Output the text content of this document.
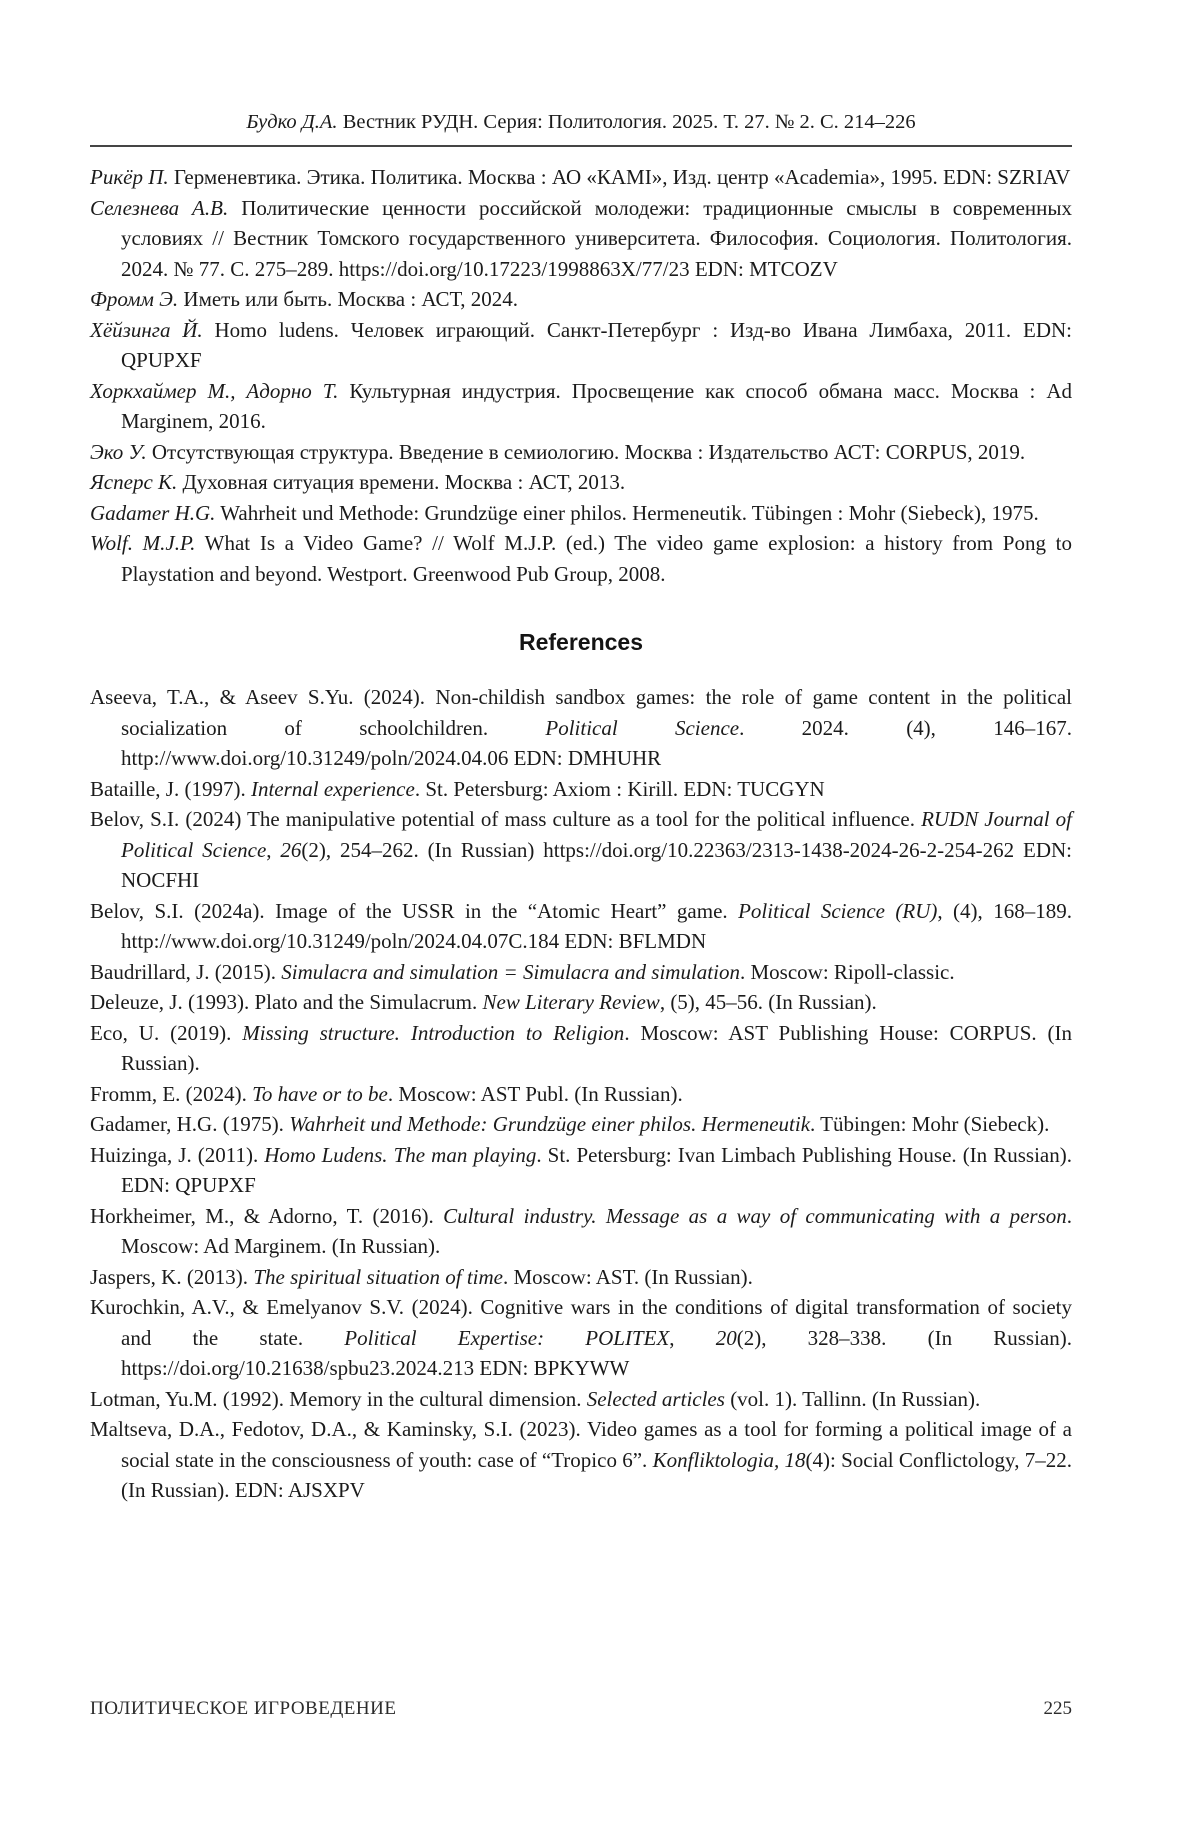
Будко Д.А. Вестник РУДН. Серия: Политология. 2025. Т. 27. № 2. С. 214–226

Рикёр П. Герменевтика. Этика. Политика. Москва : АО «КАМI», Изд. центр «Academia», 1995. EDN: SZRIAV

Селезнева А.В. Политические ценности российской молодежи: традиционные смыслы в современных условиях // Вестник Томского государственного университета. Философия. Социология. Политология. 2024. № 77. С. 275–289. https://doi.org/10.17223/1998863X/77/23 EDN: MTCOZV

Фромм Э. Иметь или быть. Москва : АСТ, 2024.

Хёйзинга Й. Homo ludens. Человек играющий. Санкт-Петербург : Изд-во Ивана Лимбаха, 2011. EDN: QPUPXF

Хоркхаймер М., Адорно Т. Культурная индустрия. Просвещение как способ обмана масс. Москва : Ad Marginem, 2016.

Эко У. Отсутствующая структура. Введение в семиологию. Москва : Издательство АСТ: CORPUS, 2019.

Ясперс К. Духовная ситуация времени. Москва : АСТ, 2013.

Gadamer H.G. Wahrheit und Methode: Grundzüge einer philos. Hermeneutik. Tübingen : Mohr (Siebeck), 1975.

Wolf. M.J.P. What Is a Video Game? // Wolf M.J.P. (ed.) The video game explosion: a history from Pong to Playstation and beyond. Westport. Greenwood Pub Group, 2008.

References

Aseeva, T.A., & Aseev S.Yu. (2024). Non-childish sandbox games: the role of game content in the political socialization of schoolchildren. Political Science. 2024. (4), 146–167. http://www.doi.org/10.31249/poln/2024.04.06 EDN: DMHUHR

Bataille, J. (1997). Internal experience. St. Petersburg: Axiom : Kirill. EDN: TUCGYN

Belov, S.I. (2024) The manipulative potential of mass culture as a tool for the political influence. RUDN Journal of Political Science, 26(2), 254–262. (In Russian) https://doi.org/10.22363/2313-1438-2024-26-2-254-262 EDN: NOCFHI

Belov, S.I. (2024a). Image of the USSR in the “Atomic Heart” game. Political Science (RU), (4), 168–189. http://www.doi.org/10.31249/poln/2024.04.07C.184 EDN: BFLMDN

Baudrillard, J. (2015). Simulacra and simulation = Simulacra and simulation. Moscow: Ripoll-classic.

Deleuze, J. (1993). Plato and the Simulacrum. New Literary Review, (5), 45–56. (In Russian).

Eco, U. (2019). Missing structure. Introduction to Religion. Moscow: AST Publishing House: CORPUS. (In Russian).

Fromm, E. (2024). To have or to be. Moscow: AST Publ. (In Russian).

Gadamer, H.G. (1975). Wahrheit und Methode: Grundzüge einer philos. Hermeneutik. Tübingen: Mohr (Siebeck).

Huizinga, J. (2011). Homo Ludens. The man playing. St. Petersburg: Ivan Limbach Publishing House. (In Russian). EDN: QPUPXF

Horkheimer, M., & Adorno, T. (2016). Cultural industry. Message as a way of communicating with a person. Moscow: Ad Marginem. (In Russian).

Jaspers, K. (2013). The spiritual situation of time. Moscow: AST. (In Russian).

Kurochkin, A.V., & Emelyanov S.V. (2024). Cognitive wars in the conditions of digital transformation of society and the state. Political Expertise: POLITEX, 20(2), 328–338. (In Russian). https://doi.org/10.21638/spbu23.2024.213 EDN: BPKYWW

Lotman, Yu.M. (1992). Memory in the cultural dimension. Selected articles (vol. 1). Tallinn. (In Russian).

Maltseva, D.A., Fedotov, D.A., & Kaminsky, S.I. (2023). Video games as a tool for forming a political image of a social state in the consciousness of youth: case of “Tropico 6”. Konfliktologia, 18(4): Social Conflictology, 7–22. (In Russian). EDN: AJSXPV

ПОЛИТИЧЕСКОЕ ИГРОВЕДЕНИЕ	225
